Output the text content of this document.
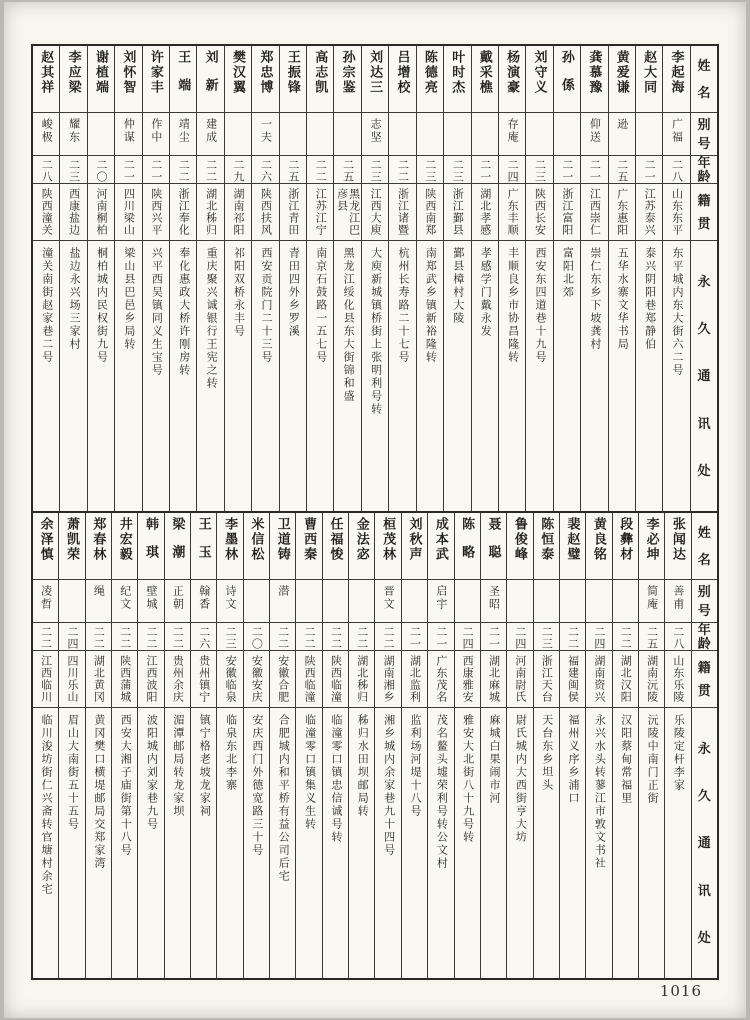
赵其祥
峻极
二八
陕西潼关
潼关南街赵家巷二号
李应梁
耀东
二三
西康盐边
盐边永兴场三家村
谢植端
二〇
河南桐柏
桐柏城内民权街九号
刘怀智
仲谋
二一
四川梁山
梁山县巴邑乡局转
许家丰
作中
二一
陕西兴平
兴平西吴镇同义生宝号
王端
靖尘
二二
浙江奉化
奉化惠政大桥许刚房转
刘新
建成
二二
湖北秭归
重庆聚兴诚银行王宪之转
樊汉翼
二九
湖南祁阳
祁阳双桥永丰号
郑忠博
一夫
二六
陕西扶风
西安贡院门二十三号
王振锋
二五
浙江青田
青田四外乡罗溪
高志凯
二二
江苏江宁
南京石鼓路一五七号
孙宗鉴
二五
黑龙江巴彦县
黑龙江绥化县东大街锦和盛
刘达三
志坚
二三
江西大庾
大庾新城镇桥街上张明利号转
吕增校
二二
浙江诸暨
杭州长寿路二十七号
陈德亮
二三
陕西南郑
南郑武乡镇新裕隆转
叶时杰
二三
浙江鄞县
鄞县樟村大陵
戴采樵
二一
湖北孝感
孝感学门戴永发
杨演豪
存庵
二四
广东丰顺
丰顺良乡市协昌隆转
刘守义
二三
陕西长安
西安东四道巷十九号
孙係
二一
浙江富阳
富阳北郊
龚慕豫
仰送
二一
江西崇仁
崇仁东乡下坡龚村
黄爱谦
逊
二五
广东惠阳
五华水寨文华书局
赵大同
二一
江苏泰兴
泰兴阴阳巷郑静伯
李起海
广福
二八
山东东平
东平城内东大街六二号
姓
名
别
号
年
龄
籍
贯
永
久
通
讯
处
余泽慎
凌哲
二二
江西临川
临川浚坊街仁兴斋转官塘村余宅
萧凯荣
二四
四川乐山
眉山大南街五十五号
郑春林
绳
二二
湖北黄冈
黄冈樊口横堤邮局交郑家湾
井宏毅
纪文
二二
陕西蒲城
西安大湘子庙街第十八号
韩琪
壁城
二二
江西波阳
波阳城内刘家巷九号
梁潮
正朝
二二
贵州余庆
湄潭邮局转龙家坝
王玉
翰香
二六
贵州镇宁
镇宁格老坡龙家祠
李墨林
诗文
二三
安徽临泉
临泉东北李寨
米信松
二〇
安徽安庆
安庆西门外德宽路三十号
卫道铸
潜
二二
安徽合肥
合肥城内和平桥有益公司后宅
曹西秦
二二
陕西临潼
临潼零口镇集义生转
任福悛
二二
陕西临潼
临潼零口镇忠信诚号转
金法宓
二二
湖北秭归
秭归水田坝邮局转
桓茂林
晋文
二二
湖南湘乡
湘乡城内余家巷九十四号
刘秋声
二一
湖北监利
监利场河堤十八号
成本武
启宇
二一
广东茂名
茂名鳌头墟荣利号转公文村
陈略
二四
西康雅安
雅安大北街八十九号转
聂聪
圣昭
二一
湖北麻城
麻城白果闹市河
鲁俊峰
二四
河南尉氏
尉氏城内大西街亨大坊
陈恒泰
二三
浙江天台
天台东乡坦头
裴赵璧
二二
福建闽侯
福州义序乡浦口
黄良铭
二四
湖南资兴
永兴水头转蓼江市敦文书社
段彝材
二二
湖北汉阳
汉阳蔡甸常福里
李必坤
简庵
二五
湖南沅陵
沅陵中南门正街
张闻达
善甫
二八
山东乐陵
乐陵定杆李家
姓
名
别
号
年
龄
籍
贯
永
久
通
讯
处
1016
